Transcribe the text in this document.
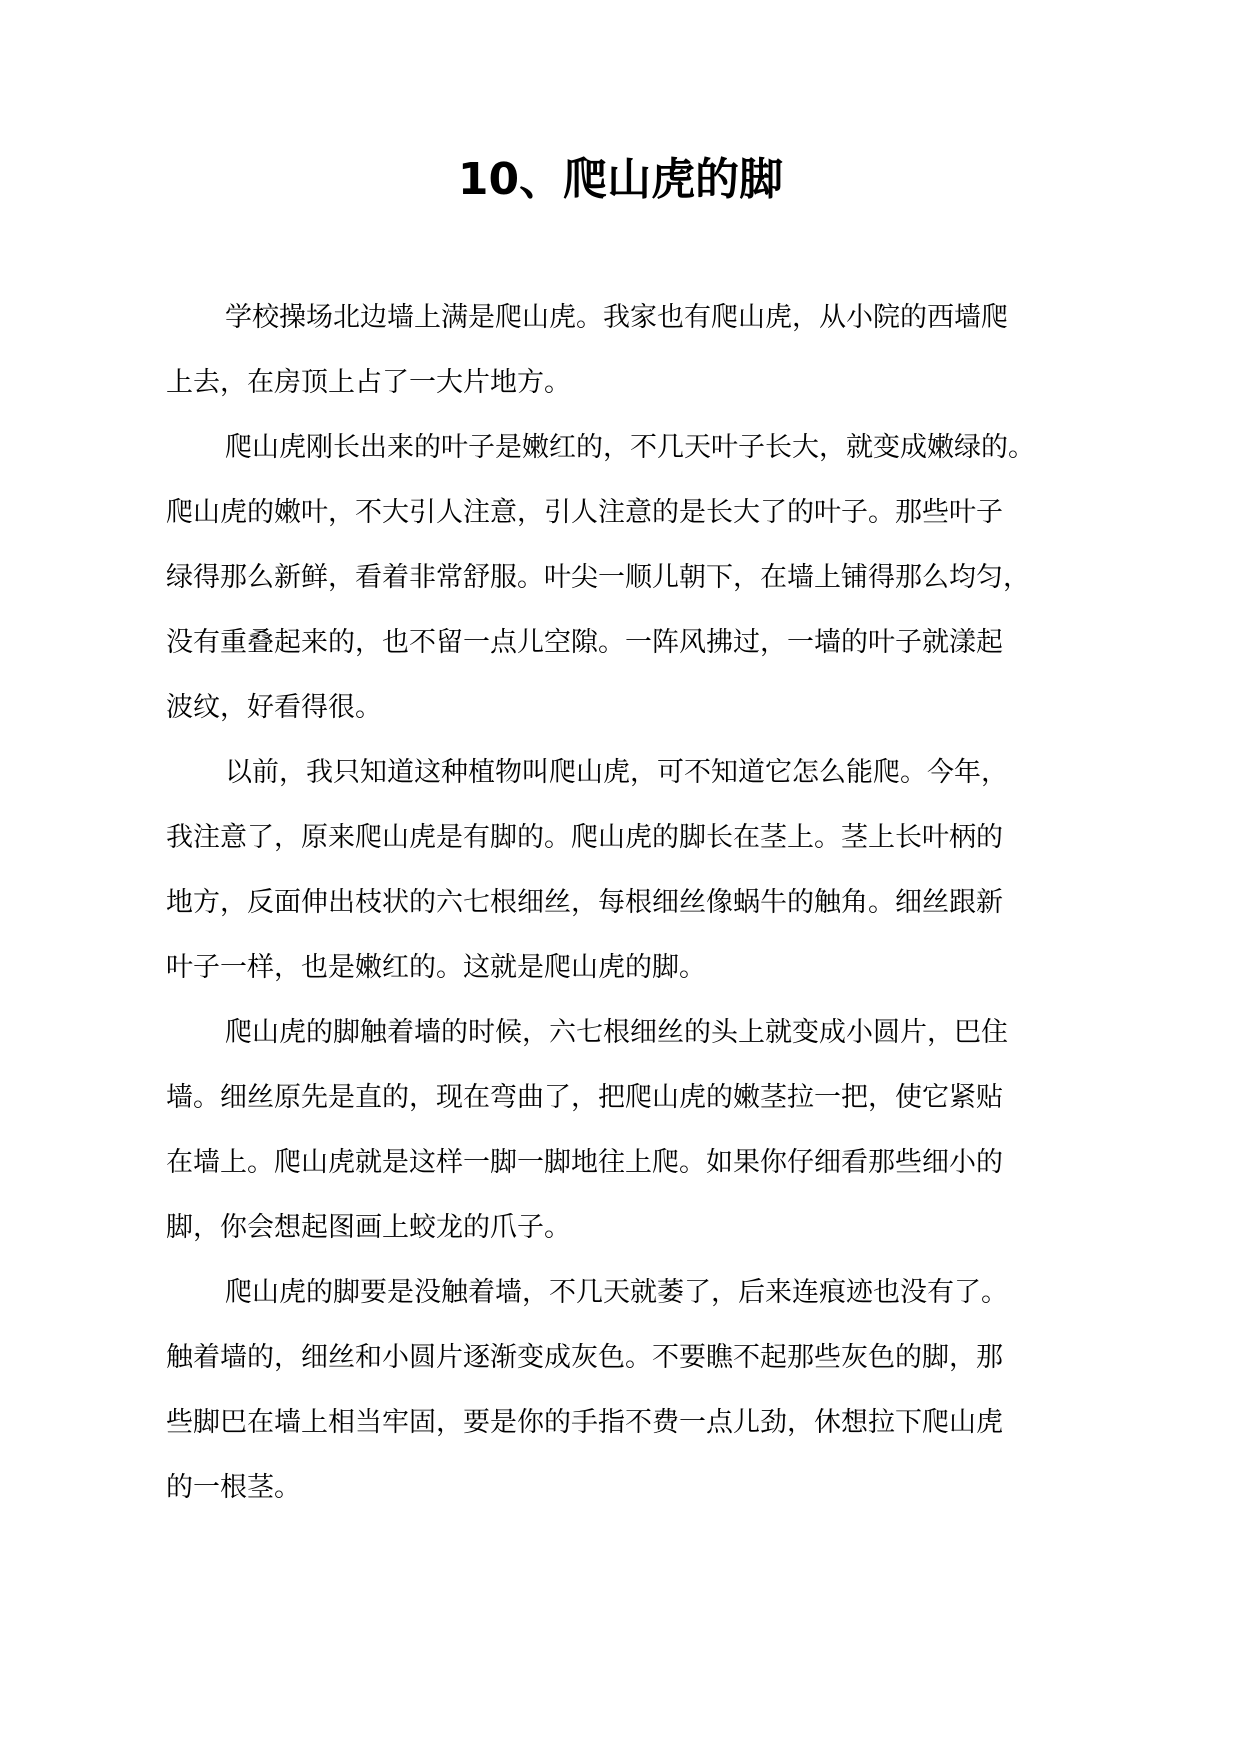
10、爬山虎的脚

学校操场北边墙上满是爬山虎。我家也有爬山虎，从小院的西墙爬
上去，在房顶上占了一大片地方。

爬山虎刚长出来的叶子是嫩红的，不几天叶子长大，就变成嫩绿的。
爬山虎的嫩叶，不大引人注意，引人注意的是长大了的叶子。那些叶子
绿得那么新鲜，看着非常舒服。叶尖一顺儿朝下，在墙上铺得那么均匀，
没有重叠起来的，也不留一点儿空隙。一阵风拂过，一墙的叶子就漾起
波纹，好看得很。

以前，我只知道这种植物叫爬山虎，可不知道它怎么能爬。今年，
我注意了，原来爬山虎是有脚的。爬山虎的脚长在茎上。茎上长叶柄的
地方，反面伸出枝状的六七根细丝，每根细丝像蜗牛的触角。细丝跟新
叶子一样，也是嫩红的。这就是爬山虎的脚。

爬山虎的脚触着墙的时候，六七根细丝的头上就变成小圆片，巴住
墙。细丝原先是直的，现在弯曲了，把爬山虎的嫩茎拉一把，使它紧贴
在墙上。爬山虎就是这样一脚一脚地往上爬。如果你仔细看那些细小的
脚，你会想起图画上蛟龙的爪子。

爬山虎的脚要是没触着墙，不几天就萎了，后来连痕迹也没有了。
触着墙的，细丝和小圆片逐渐变成灰色。不要瞧不起那些灰色的脚，那
些脚巴在墙上相当牢固，要是你的手指不费一点儿劲，休想拉下爬山虎
的一根茎。
